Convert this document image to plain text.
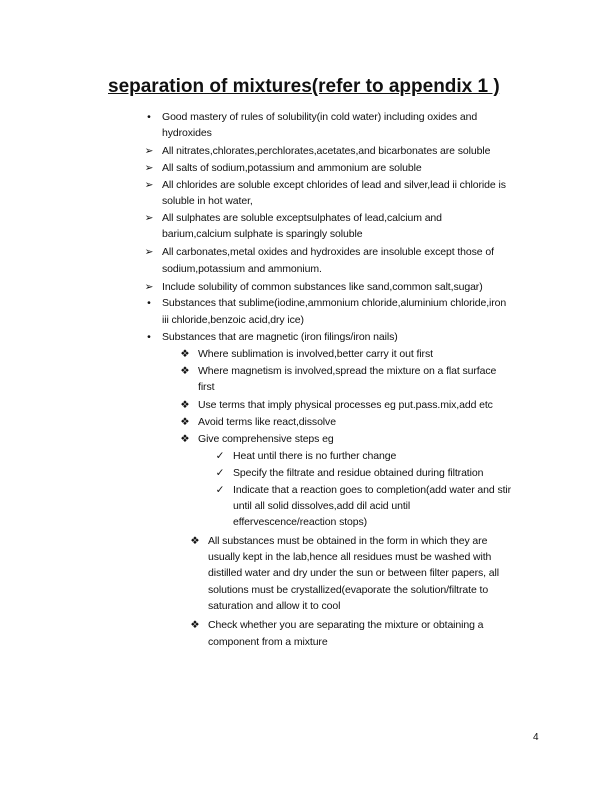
separation of mixtures(refer to appendix 1 )
•	Good mastery of rules of solubility(in cold water) including oxides and
hydroxides
➢ All nitrates,chlorates,perchlorates,acetates,and bicarbonates are soluble
➢ All salts of sodium,potassium and ammonium are soluble
➢ All chlorides are soluble except chlorides of lead and silver,lead ii chloride is
soluble in hot water,
➢ All sulphates are soluble exceptsulphates of lead,calcium and
barium,calcium sulphate is sparingly soluble
➢ All carbonates,metal oxides and hydroxides are insoluble except those of
sodium,potassium and ammonium.
➢ Include solubility of common substances like sand,common salt,sugar)
•	Substances that sublime(iodine,ammonium chloride,aluminium chloride,iron
iii chloride,benzoic acid,dry ice)
•	Substances that are magnetic (iron filings/iron nails)
❖ Where sublimation is involved,better carry it out first
❖ Where magnetism is involved,spread the mixture on a flat surface
first
❖ Use terms that imply physical processes eg put.pass.mix,add etc
❖ Avoid terms like react,dissolve
❖ Give comprehensive steps eg
✓ Heat until there is no further change
✓ Specify the filtrate and residue obtained during filtration
✓ Indicate that a reaction goes to completion(add water and stir
until all solid dissolves,add dil acid until
effervescence/reaction stops)
❖ All substances must be obtained in the form in which they are
usually kept in the lab,hence all residues must be washed with
distilled water and dry under the sun or between filter papers, all
solutions must be crystallized(evaporate the solution/filtrate to
saturation and allow it to cool
❖ Check whether you are separating the mixture or obtaining a
component from a mixture
4
